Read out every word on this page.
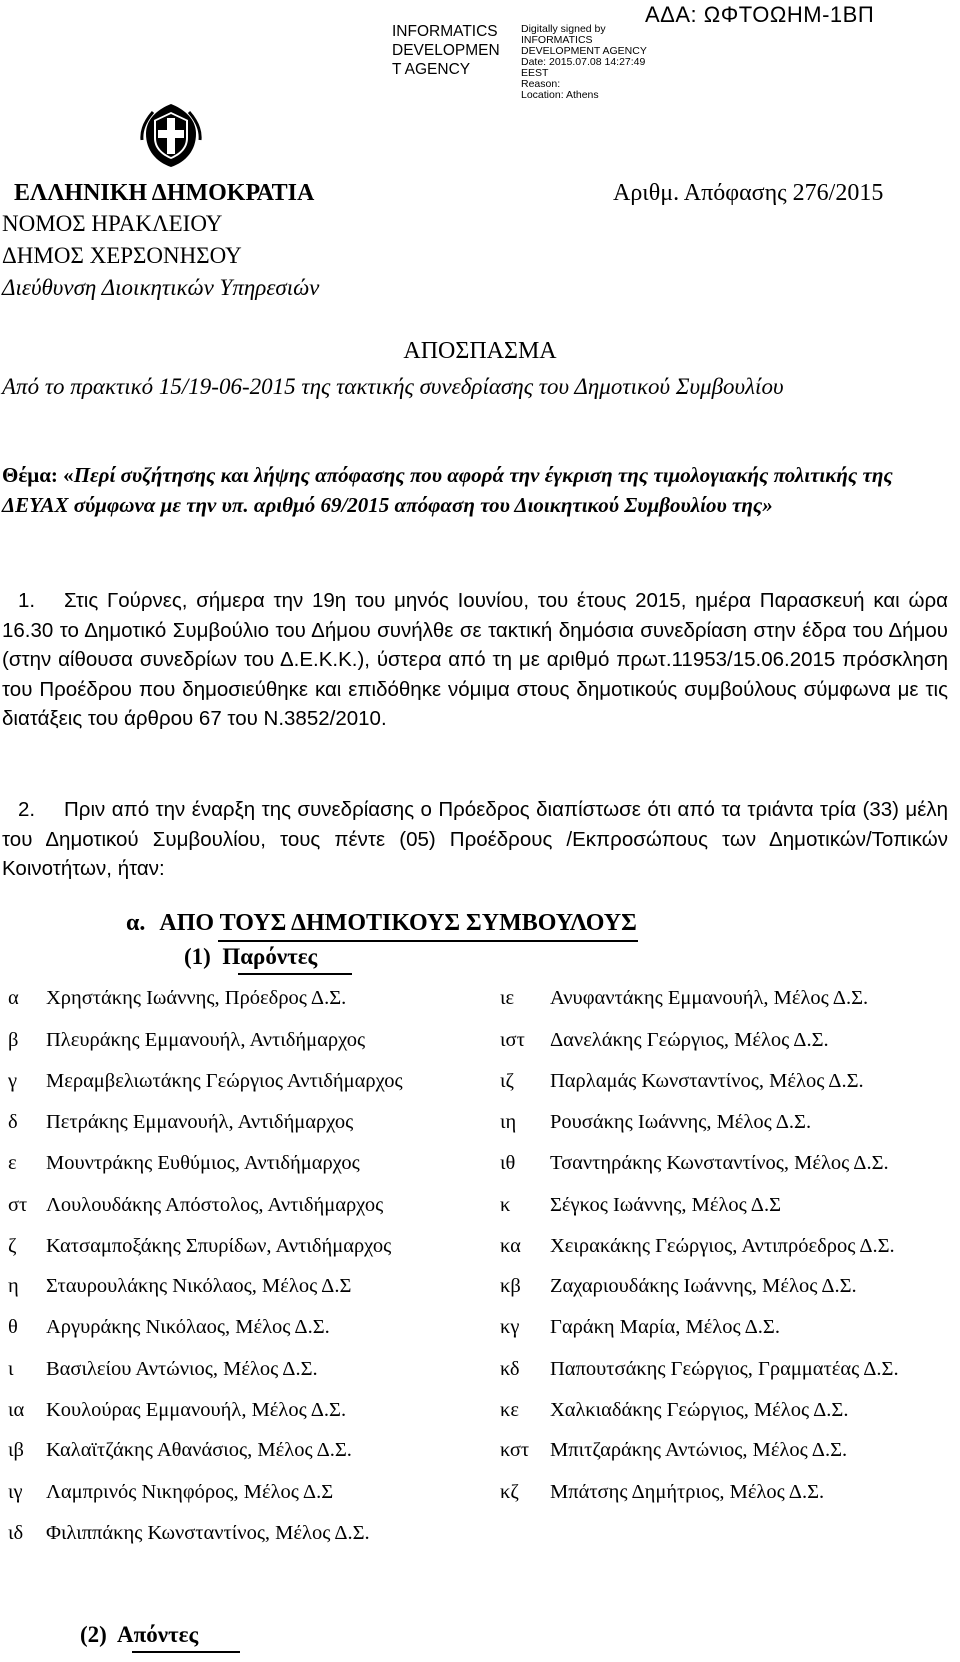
INFORMATICS
DEVELOPMEN
T AGENCY
Digitally signed by
INFORMATICS
DEVELOPMENT AGENCY
Date: 2015.07.08 14:27:49
EEST
Reason:
Location: Athens
ΑΔΑ: ΩΦΤΟΩΗΜ-1ΒΠ
ΕΛΛΗΝΙΚΗ ΔΗΜΟΚΡΑΤΙΑ	Αριθμ. Απόφασης 276/2015
ΝΟΜΟΣ ΗΡΑΚΛΕΙΟΥ
ΔΗΜΟΣ ΧΕΡΣΟΝΗΣΟΥ
Διεύθυνση Διοικητικών Υπηρεσιών
ΑΠΟΣΠΑΣΜΑ
Από το πρακτικό 15/19-06-2015 της τακτικής συνεδρίασης του Δημοτικού Συμβουλίου
Θέμα: «Περί συζήτησης και λήψης απόφασης που αφορά την έγκριση της τιμολογιακής πολιτικής της ΔΕΥΑΧ σύμφωνα με την υπ. αριθμό 69/2015 απόφαση του Διοικητικού Συμβουλίου της»
1. Στις Γούρνες, σήμερα την 19η του μηνός Ιουνίου, του έτους 2015, ημέρα Παρασκευή και ώρα 16.30 το Δημοτικό Συμβούλιο του Δήμου συνήλθε σε τακτική δημόσια συνεδρίαση στην έδρα του Δήμου (στην αίθουσα συνεδρίων του Δ.Ε.Κ.Κ.), ύστερα από τη με αριθμό πρωτ.11953/15.06.2015 πρόσκληση του Προέδρου που δημοσιεύθηκε και επιδόθηκε νόμιμα στους δημοτικούς συμβούλους σύμφωνα με τις διατάξεις του άρθρου 67 του Ν.3852/2010.
2. Πριν από την έναρξη της συνεδρίασης ο Πρόεδρος διαπίστωσε ότι από τα τριάντα τρία (33) μέλη του Δημοτικού Συμβουλίου, τους πέντε (05) Προέδρους /Εκπροσώπους των Δημοτικών/Τοπικών Κοινοτήτων, ήταν:
α. ΑΠΟ ΤΟΥΣ ΔΗΜΟΤΙΚΟΥΣ ΣΥΜΒΟΥΛΟΥΣ
(1)  Παρόντες
α Χρηστάκης Ιωάννης, Πρόεδρος Δ.Σ.
β Πλευράκης Εμμανουήλ, Αντιδήμαρχος
γ Μεραμβελιωτάκης Γεώργιος Αντιδήμαρχος
δ Πετράκης Εμμανουήλ, Αντιδήμαρχος
ε Μουντράκης Ευθύμιος, Αντιδήμαρχος
στ Λουλουδάκης Απόστολος, Αντιδήμαρχος
ζ Κατσαμποξάκης Σπυρίδων, Αντιδήμαρχος
η Σταυρουλάκης Νικόλαος, Μέλος Δ.Σ
θ Αργυράκης Νικόλαος, Μέλος Δ.Σ.
ι Βασιλείου Αντώνιος, Μέλος Δ.Σ.
ια Κουλούρας Εμμανουήλ, Μέλος Δ.Σ.
ιβ Καλαϊτζάκης Αθανάσιος, Μέλος Δ.Σ.
ιγ Λαμπρινός Νικηφόρος, Μέλος Δ.Σ
ιδ Φιλιππάκης Κωνσταντίνος, Μέλος Δ.Σ.
ιε Ανυφαντάκης Εμμανουήλ, Μέλος Δ.Σ.
ιστ Δανελάκης Γεώργιος, Μέλος Δ.Σ.
ιζ Παρλαμάς Κωνσταντίνος, Μέλος Δ.Σ.
ιη Ρουσάκης Ιωάννης, Μέλος Δ.Σ.
ιθ Τσαντηράκης Κωνσταντίνος, Μέλος Δ.Σ.
κ Σέγκος Ιωάννης, Μέλος Δ.Σ
κα Χειρακάκης Γεώργιος, Αντιπρόεδρος Δ.Σ.
κβ Ζαχαριουδάκης Ιωάννης, Μέλος Δ.Σ.
κγ Γαράκη Μαρία, Μέλος Δ.Σ.
κδ Παπουτσάκης Γεώργιος, Γραμματέας Δ.Σ.
κε Χαλκιαδάκης Γεώργιος, Μέλος Δ.Σ.
κστ Μπιτζαράκης Αντώνιος, Μέλος Δ.Σ.
κζ Μπάτσης Δημήτριος, Μέλος Δ.Σ.
(2)  Απόντες
